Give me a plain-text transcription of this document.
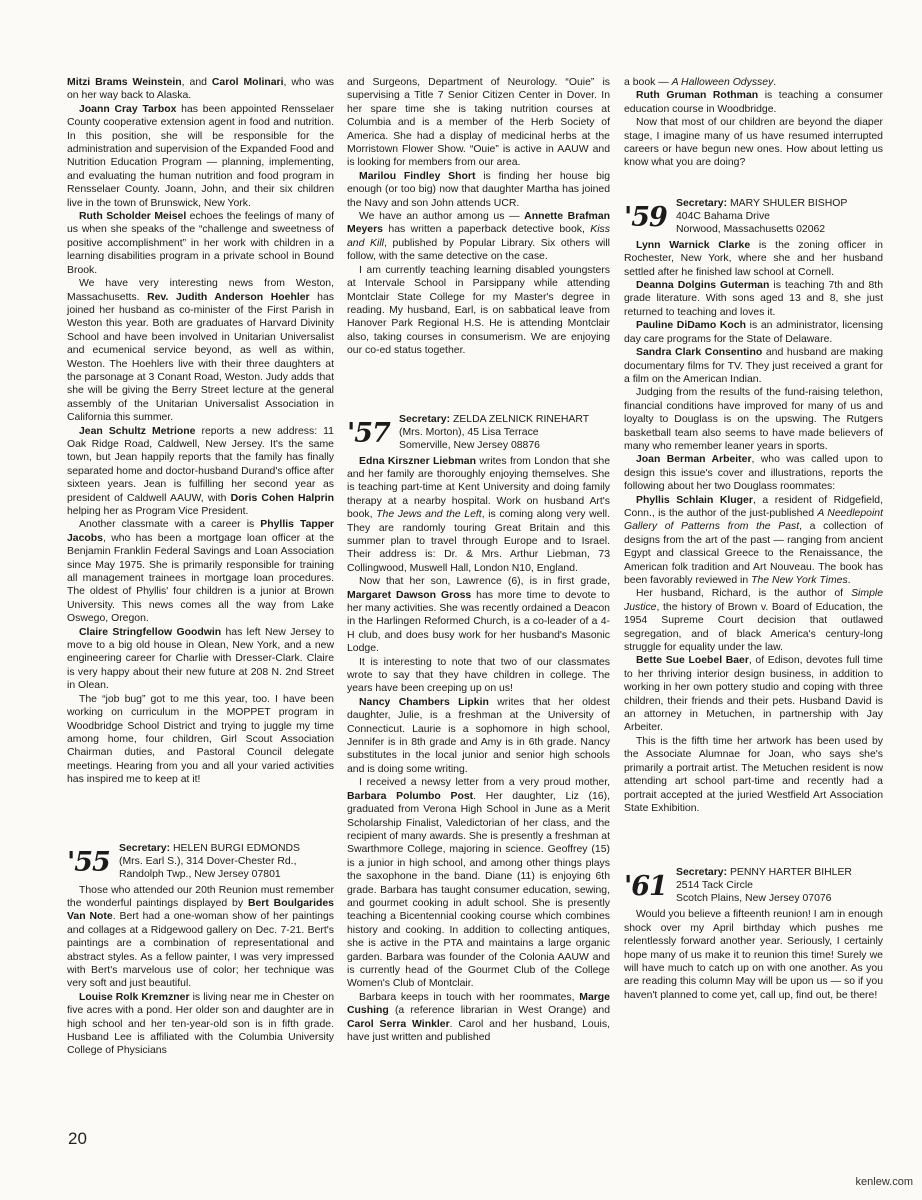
Mitzi Brams Weinstein, and Carol Molinari, who was on her way back to Alaska.

Joann Cray Tarbox has been appointed Rensselaer County cooperative extension agent in food and nutrition. In this position, she will be responsible for the administration and supervision of the Expanded Food and Nutrition Education Program — planning, implementing, and evaluating the human nutrition and food program in Rensselaer County. Joann, John, and their six children live in the town of Brunswick, New York.

Ruth Scholder Meisel echoes the feelings of many of us when she speaks of the “challenge and sweetness of positive accomplishment” in her work with children in a learning disabilities program in a private school in Bound Brook.

We have very interesting news from Weston, Massachusetts. Rev. Judith Anderson Hoehler has joined her husband as co-minister of the First Parish in Weston this year. Both are graduates of Harvard Divinity School and have been involved in Unitarian Universalist and ecumenical service beyond, as well as within, Weston. The Hoehlers live with their three daughters at the parsonage at 3 Conant Road, Weston. Judy adds that she will be giving the Berry Street lecture at the general assembly of the Unitarian Universalist Association in California this summer.

Jean Schultz Metrione reports a new address: 11 Oak Ridge Road, Caldwell, New Jersey. It's the same town, but Jean happily reports that the family has finally separated home and doctor-husband Durand's office after sixteen years. Jean is fulfilling her second year as president of Caldwell AAUW, with Doris Cohen Halprin helping her as Program Vice President.

Another classmate with a career is Phyllis Tapper Jacobs, who has been a mortgage loan officer at the Benjamin Franklin Federal Savings and Loan Association since May 1975. She is primarily responsible for training all management trainees in mortgage loan procedures. The oldest of Phyllis' four children is a junior at Brown University. This news comes all the way from Lake Oswego, Oregon.

Claire Stringfellow Goodwin has left New Jersey to move to a big old house in Olean, New York, and a new engineering career for Charlie with Dresser-Clark. Claire is very happy about their new future at 208 N. 2nd Street in Olean.

The “job bug” got to me this year, too. I have been working on curriculum in the MOPPET program in Woodbridge School District and trying to juggle my time among home, four children, Girl Scout Association Chairman duties, and Pastoral Council delegate meetings. Hearing from you and all your varied activities has inspired me to keep at it!

'55 Secretary: HELEN BURGI EDMONDS
(Mrs. Earl S.), 314 Dover-Chester Rd.,
Randolph Twp., New Jersey 07801

Those who attended our 20th Reunion must remember the wonderful paintings displayed by Bert Boulgarides Van Note. Bert had a one-woman show of her paintings and collages at a Ridgewood gallery on Dec. 7-21. Bert's paintings are a combination of representational and abstract styles. As a fellow painter, I was very impressed with Bert's marvelous use of color; her technique was very soft and just beautiful.

Louise Rolk Kremzner is living near me in Chester on five acres with a pond. Her older son and daughter are in high school and her ten-year-old son is in fifth grade. Husband Lee is affiliated with the Columbia University College of Physicians

and Surgeons, Department of Neurology. “Ouie” is supervising a Title 7 Senior Citizen Center in Dover. In her spare time she is taking nutrition courses at Columbia and is a member of the Herb Society of America. She had a display of medicinal herbs at the Morristown Flower Show. “Ouie” is active in AAUW and is looking for members from our area.

Marilou Findley Short is finding her house big enough (or too big) now that daughter Martha has joined the Navy and son John attends UCR.

We have an author among us — Annette Brafman Meyers has written a paperback detective book, Kiss and Kill, published by Popular Library. Six others will follow, with the same detective on the case.

I am currently teaching learning disabled youngsters at Intervale School in Parsippany while attending Montclair State College for my Master's degree in reading. My husband, Earl, is on sabbatical leave from Hanover Park Regional H.S. He is attending Montclair also, taking courses in consumerism. We are enjoying our co-ed status together.

'57 Secretary: ZELDA ZELNICK RINEHART
(Mrs. Morton), 45 Lisa Terrace
Somerville, New Jersey 08876

Edna Kirszner Liebman writes from London that she and her family are thoroughly enjoying themselves. She is teaching part-time at Kent University and doing family therapy at a nearby hospital. Work on husband Art's book, The Jews and the Left, is coming along very well. They are randomly touring Great Britain and this summer plan to travel through Europe and to Israel. Their address is: Dr. & Mrs. Arthur Liebman, 73 Collingwood, Muswell Hall, London N10, England.

Now that her son, Lawrence (6), is in first grade, Margaret Dawson Gross has more time to devote to her many activities. She was recently ordained a Deacon in the Harlingen Reformed Church, is a co-leader of a 4-H club, and does busy work for her husband's Masonic Lodge.

It is interesting to note that two of our classmates wrote to say that they have children in college. The years have been creeping up on us!

Nancy Chambers Lipkin writes that her oldest daughter, Julie, is a freshman at the University of Connecticut. Laurie is a sophomore in high school, Jennifer is in 8th grade and Amy is in 6th grade. Nancy substitutes in the local junior and senior high schools and is doing some writing.

I received a newsy letter from a very proud mother, Barbara Polumbo Post. Her daughter, Liz (16), graduated from Verona High School in June as a Merit Scholarship Finalist, Valedictorian of her class, and the recipient of many awards. She is presently a freshman at Swarthmore College, majoring in science. Geoffrey (15) is a junior in high school, and among other things plays the saxophone in the band. Diane (11) is enjoying 6th grade. Barbara has taught consumer education, sewing, and gourmet cooking in adult school. She is presently teaching a Bicentennial cooking course which combines history and cooking. In addition to collecting antiques, she is active in the PTA and maintains a large organic garden. Barbara was founder of the Colonia AAUW and is currently head of the Gourmet Club of the College Women's Club of Montclair.

Barbara keeps in touch with her roommates, Marge Cushing (a reference librarian in West Orange) and Carol Serra Winkler. Carol and her husband, Louis, have just written and published

a book — A Halloween Odyssey.

Ruth Gruman Rothman is teaching a consumer education course in Woodbridge.

Now that most of our children are beyond the diaper stage, I imagine many of us have resumed interrupted careers or have begun new ones. How about letting us know what you are doing?

'59 Secretary: MARY SHULER BISHOP
404C Bahama Drive
Norwood, Massachusetts 02062

Lynn Warnick Clarke is the zoning officer in Rochester, New York, where she and her husband settled after he finished law school at Cornell.

Deanna Dolgins Guterman is teaching 7th and 8th grade literature. With sons aged 13 and 8, she just returned to teaching and loves it.

Pauline DiDamo Koch is an administrator, licensing day care programs for the State of Delaware.

Sandra Clark Consentino and husband are making documentary films for TV. They just received a grant for a film on the American Indian.

Judging from the results of the fund-raising telethon, financial conditions have improved for many of us and loyalty to Douglass is on the upswing. The Rutgers basketball team also seems to have made believers of many who remember leaner years in sports.

Joan Berman Arbeiter, who was called upon to design this issue's cover and illustrations, reports the following about her two Douglass roommates:

Phyllis Schlain Kluger, a resident of Ridgefield, Conn., is the author of the just-published A Needlepoint Gallery of Patterns from the Past, a collection of designs from the art of the past — ranging from ancient Egypt and classical Greece to the Renaissance, the American folk tradition and Art Nouveau. The book has been favorably reviewed in The New York Times.

Her husband, Richard, is the author of Simple Justice, the history of Brown v. Board of Education, the 1954 Supreme Court decision that outlawed segregation, and of black America's century-long struggle for equality under the law.

Bette Sue Loebel Baer, of Edison, devotes full time to her thriving interior design business, in addition to working in her own pottery studio and coping with three children, their friends and their pets. Husband David is an attorney in Metuchen, in partnership with Jay Arbeiter.

This is the fifth time her artwork has been used by the Associate Alumnae for Joan, who says she's primarily a portrait artist. The Metuchen resident is now attending art school part-time and recently had a portrait accepted at the juried Westfield Art Association State Exhibition.

'61 Secretary: PENNY HARTER BIHLER
2514 Tack Circle
Scotch Plains, New Jersey 07076

Would you believe a fifteenth reunion! I am in enough shock over my April birthday which pushes me relentlessly forward another year. Seriously, I certainly hope many of us make it to reunion this time! Surely we will have much to catch up on with one another. As you are reading this column May will be upon us — so if you haven't planned to come yet, call up, find out, be there!

20
kenlew.com
